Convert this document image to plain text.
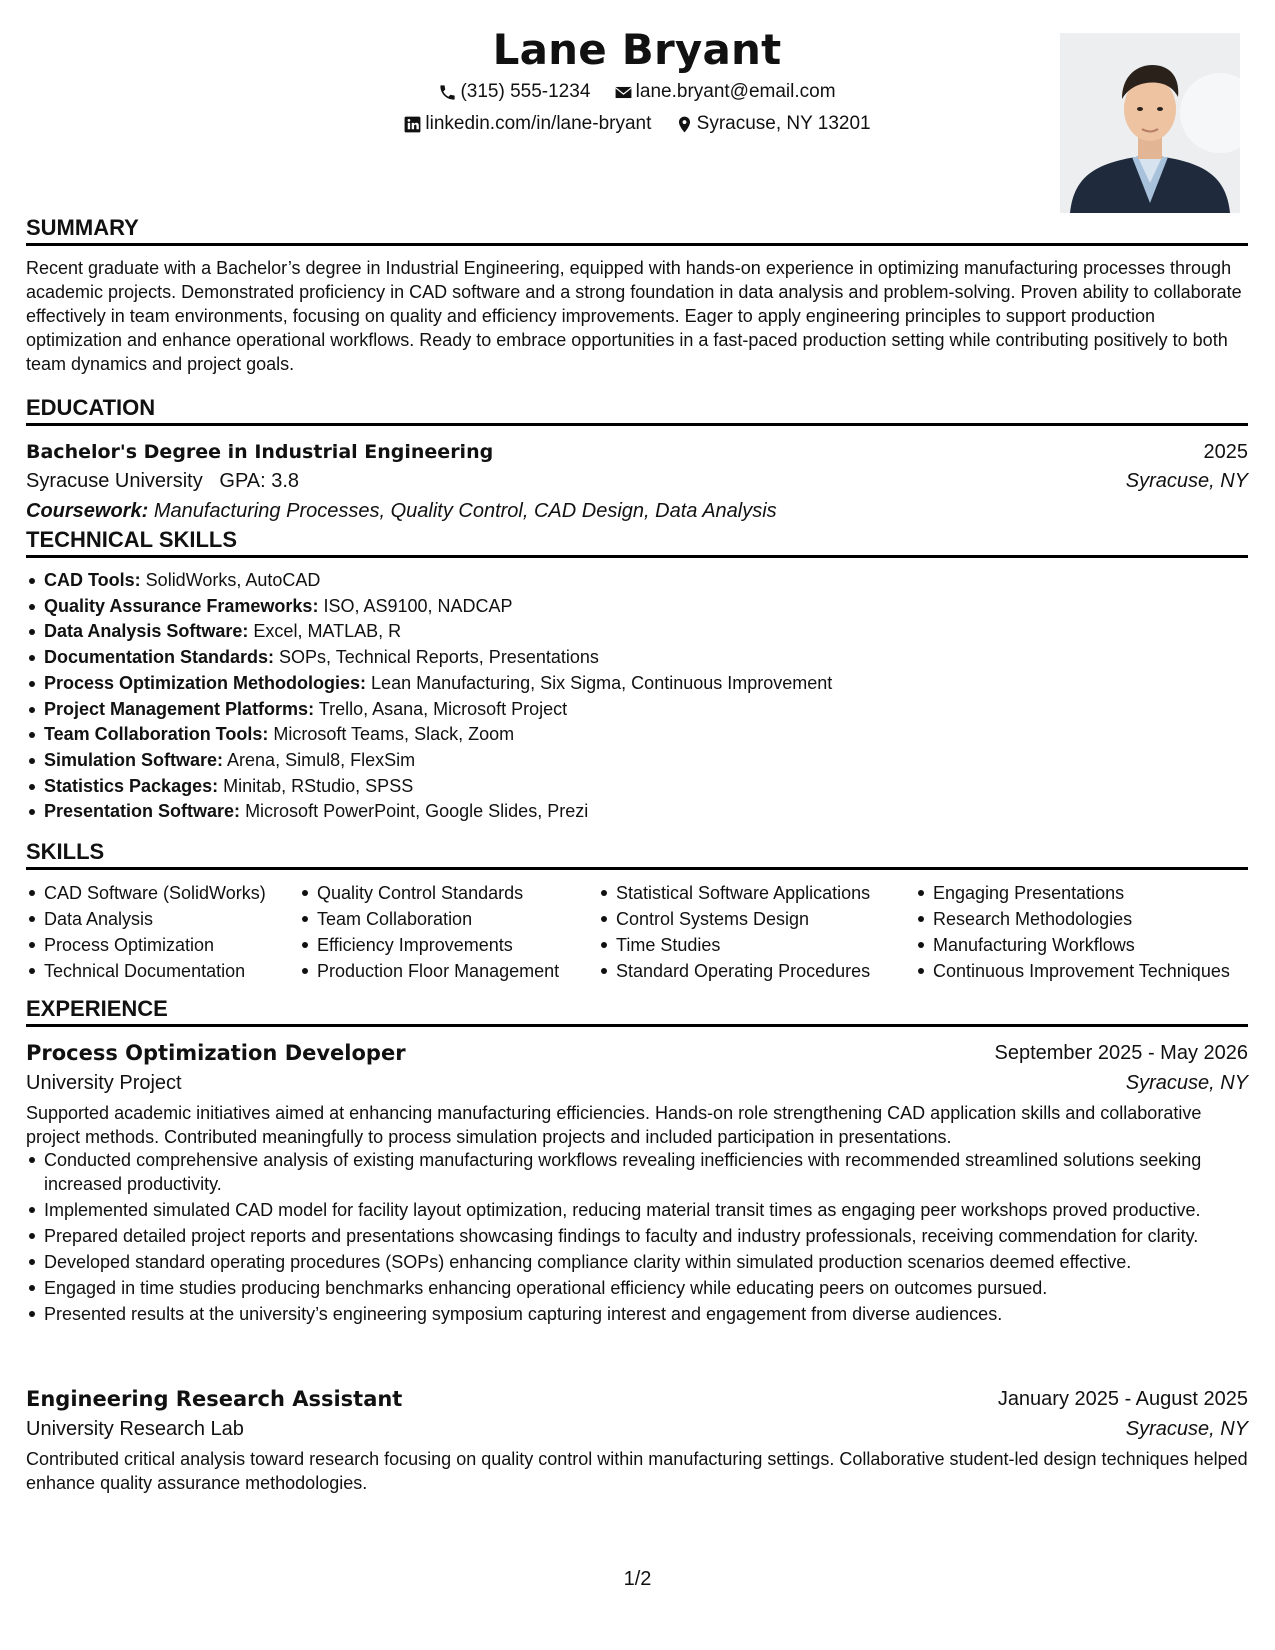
Lane Bryant
(315) 555-1234
lane.bryant@email.com
linkedin.com/in/lane-bryant
Syracuse, NY 13201
SUMMARY
Recent graduate with a Bachelor’s degree in Industrial Engineering, equipped with hands-on experience in optimizing manufacturing processes through academic projects. Demonstrated proficiency in CAD software and a strong foundation in data analysis and problem-solving. Proven ability to collaborate effectively in team environments, focusing on quality and efficiency improvements. Eager to apply engineering principles to support production optimization and enhance operational workflows. Ready to embrace opportunities in a fast-paced production setting while contributing positively to both team dynamics and project goals.
EDUCATION
Bachelor's Degree in Industrial Engineering	2025
Syracuse University GPA: 3.8	Syracuse, NY
Coursework: Manufacturing Processes, Quality Control, CAD Design, Data Analysis
TECHNICAL SKILLS
CAD Tools: SolidWorks, AutoCAD
Quality Assurance Frameworks: ISO, AS9100, NADCAP
Data Analysis Software: Excel, MATLAB, R
Documentation Standards: SOPs, Technical Reports, Presentations
Process Optimization Methodologies: Lean Manufacturing, Six Sigma, Continuous Improvement
Project Management Platforms: Trello, Asana, Microsoft Project
Team Collaboration Tools: Microsoft Teams, Slack, Zoom
Simulation Software: Arena, Simul8, FlexSim
Statistics Packages: Minitab, RStudio, SPSS
Presentation Software: Microsoft PowerPoint, Google Slides, Prezi
SKILLS
CAD Software (SolidWorks)
Data Analysis
Process Optimization
Technical Documentation
Quality Control Standards
Team Collaboration
Efficiency Improvements
Production Floor Management
Statistical Software Applications
Control Systems Design
Time Studies
Standard Operating Procedures
Engaging Presentations
Research Methodologies
Manufacturing Workflows
Continuous Improvement Techniques
EXPERIENCE
Process Optimization Developer	September 2025 - May 2026
University Project	Syracuse, NY
Supported academic initiatives aimed at enhancing manufacturing efficiencies. Hands-on role strengthening CAD application skills and collaborative project methods. Contributed meaningfully to process simulation projects and included participation in presentations.
Conducted comprehensive analysis of existing manufacturing workflows revealing inefficiencies with recommended streamlined solutions seeking increased productivity.
Implemented simulated CAD model for facility layout optimization, reducing material transit times as engaging peer workshops proved productive.
Prepared detailed project reports and presentations showcasing findings to faculty and industry professionals, receiving commendation for clarity.
Developed standard operating procedures (SOPs) enhancing compliance clarity within simulated production scenarios deemed effective.
Engaged in time studies producing benchmarks enhancing operational efficiency while educating peers on outcomes pursued.
Presented results at the university’s engineering symposium capturing interest and engagement from diverse audiences.
Engineering Research Assistant	January 2025 - August 2025
University Research Lab	Syracuse, NY
Contributed critical analysis toward research focusing on quality control within manufacturing settings. Collaborative student-led design techniques helped enhance quality assurance methodologies.
1/2
